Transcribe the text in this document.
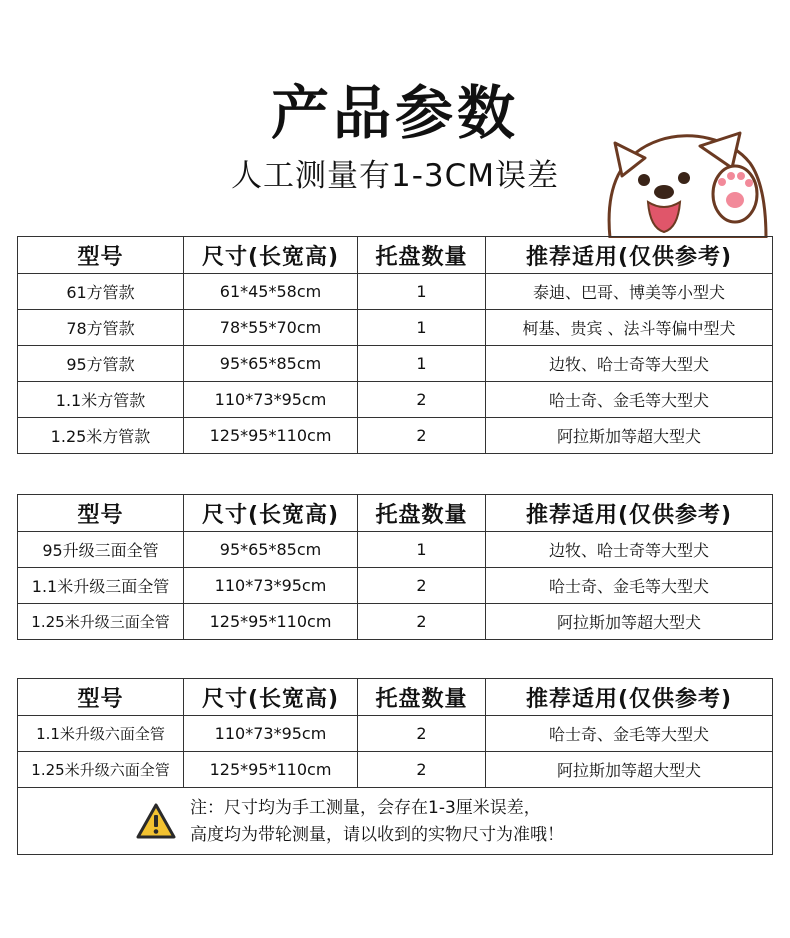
产品参数
人工测量有1-3CM误差
型号	尺寸(长宽高)	托盘数量	推荐适用(仅供参考)
61方管款	61*45*58cm	1	泰迪、巴哥、博美等小型犬
78方管款	78*55*70cm	1	柯基、贵宾 、法斗等偏中型犬
95方管款	95*65*85cm	1	边牧、哈士奇等大型犬
1.1米方管款	110*73*95cm	2	哈士奇、金毛等大型犬
1.25米方管款	125*95*110cm	2	阿拉斯加等超大型犬
型号	尺寸(长宽高)	托盘数量	推荐适用(仅供参考)
95升级三面全管	95*65*85cm	1	边牧、哈士奇等大型犬
1.1米升级三面全管	110*73*95cm	2	哈士奇、金毛等大型犬
1.25米升级三面全管	125*95*110cm	2	阿拉斯加等超大型犬
型号	尺寸(长宽高)	托盘数量	推荐适用(仅供参考)
1.1米升级六面全管	110*73*95cm	2	哈士奇、金毛等大型犬
1.25米升级六面全管	125*95*110cm	2	阿拉斯加等超大型犬

注：尺寸均为手工测量，会存在1-3厘米误差，
高度均为带轮测量，请以收到的实物尺寸为准哦！			
